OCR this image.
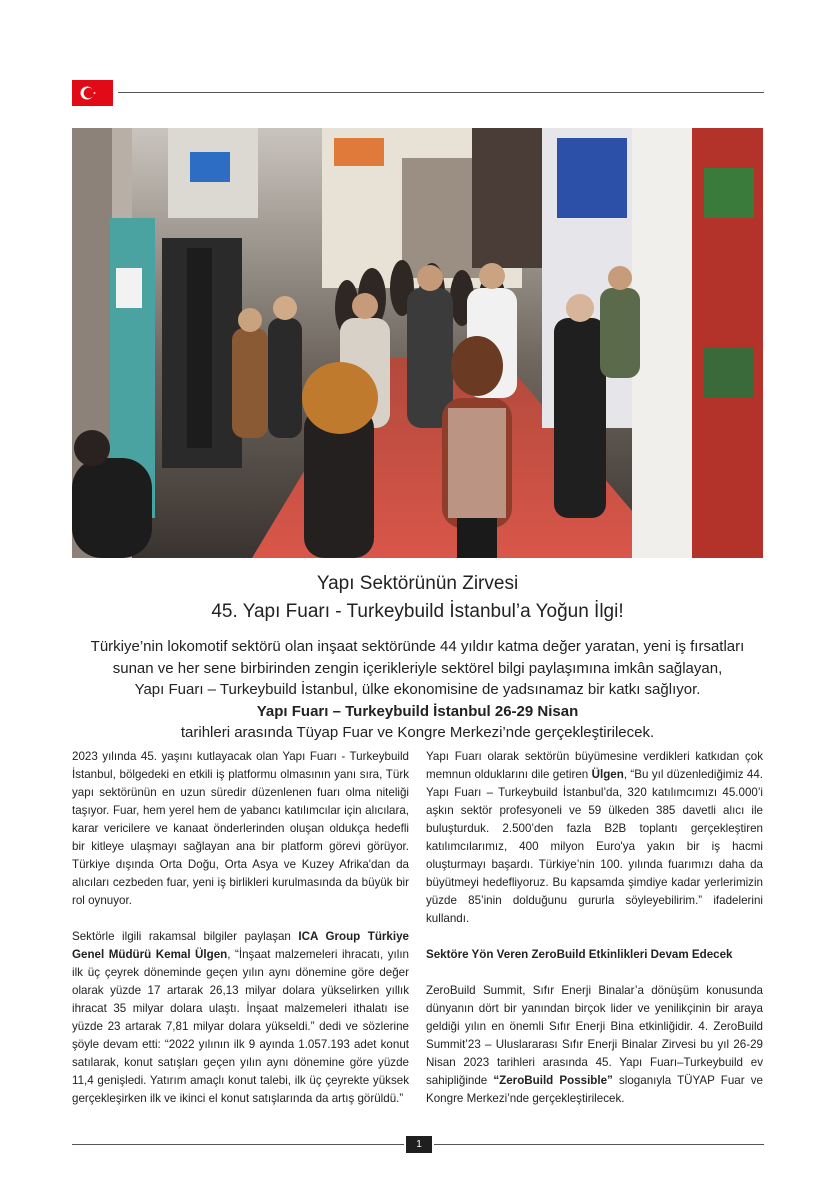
Yapı Sektörünün Zirvesi
45. Yapı Fuarı - Turkeybuild İstanbul’a Yoğun İlgi!
Türkiye’nin lokomotif sektörü olan inşaat sektöründe 44 yıldır katma değer yaratan, yeni iş fırsatları
sunan ve her sene birbirinden zengin içerikleriyle sektörel bilgi paylaşımına imkân sağlayan,
Yapı Fuarı – Turkeybuild İstanbul, ülke ekonomisine de yadsınamaz bir katkı sağlıyor.
Yapı Fuarı – Turkeybuild İstanbul 26-29 Nisan
tarihleri arasında Tüyap Fuar ve Kongre Merkezi’nde gerçekleştirilecek.

2023 yılında 45. yaşını kutlayacak olan Yapı Fuarı - Turkeybuild İstanbul, bölgedeki en etkili iş platformu olmasının yanı sıra, Türk yapı sektörünün en uzun süredir düzenlenen fuarı olma niteliği taşıyor. Fuar, hem yerel hem de yabancı katılımcılar için alıcılara, karar vericilere ve kanaat önderlerinden oluşan oldukça hedefli bir kitleye ulaşmayı sağlayan ana bir platform görevi görüyor. Türkiye dışında Orta Doğu, Orta Asya ve Kuzey Afrika'dan da alıcıları cezbeden fuar, yeni iş birlikleri kurulmasında da büyük bir rol oynuyor.

Sektörle ilgili rakamsal bilgiler paylaşan ICA Group Türkiye Genel Müdürü Kemal Ülgen, “İnşaat malzemeleri ihracatı, yılın ilk üç çeyrek döneminde geçen yılın aynı dönemine göre değer olarak yüzde 17 artarak 26,13 milyar dolara yükselirken yıllık ihracat 35 milyar dolara ulaştı. İnşaat malzemeleri ithalatı ise yüzde 23 artarak 7,81 milyar dolara yükseldi.” dedi ve sözlerine şöyle devam etti: “2022 yılının ilk 9 ayında 1.057.193 adet konut satılarak, konut satışları geçen yılın aynı dönemine göre yüzde 11,4 genişledi. Yatırım amaçlı konut talebi, ilk üç çeyrekte yüksek gerçekleşirken ilk ve ikinci el konut satışlarında da artış görüldü.”

Yapı Fuarı olarak sektörün büyümesine verdikleri katkıdan çok memnun olduklarını dile getiren Ülgen, “Bu yıl düzenlediğimiz 44. Yapı Fuarı – Turkeybuild İstanbul’da, 320 katılımcımızı 45.000’i aşkın sektör profesyoneli ve 59 ülkeden 385 davetli alıcı ile buluşturduk. 2.500’den fazla B2B toplantı gerçekleştiren katılımcılarımız, 400 milyon Euro'ya yakın bir iş hacmi oluşturmayı başardı. Türkiye’nin 100. yılında fuarımızı daha da büyütmeyi hedefliyoruz. Bu kapsamda şimdiye kadar yerlerimizin yüzde 85’inin dolduğunu gururla söyleyebilirim.” ifadelerini kullandı.

Sektöre Yön Veren ZeroBuild Etkinlikleri Devam Edecek

ZeroBuild Summit, Sıfır Enerji Binalar’a dönüşüm konusunda dünyanın dört bir yanından birçok lider ve yenilikçinin bir araya geldiği yılın en önemli Sıfır Enerji Bina etkinliğidir. 4. ZeroBuild Summit’23 – Uluslararası Sıfır Enerji Binalar Zirvesi bu yıl 26-29 Nisan 2023 tarihleri arasında 45. Yapı Fuarı–Turkeybuild ev sahipliğinde “ZeroBuild Possible” sloganıyla TÜYAP Fuar ve Kongre Merkezi’nde gerçekleştirilecek.

1
